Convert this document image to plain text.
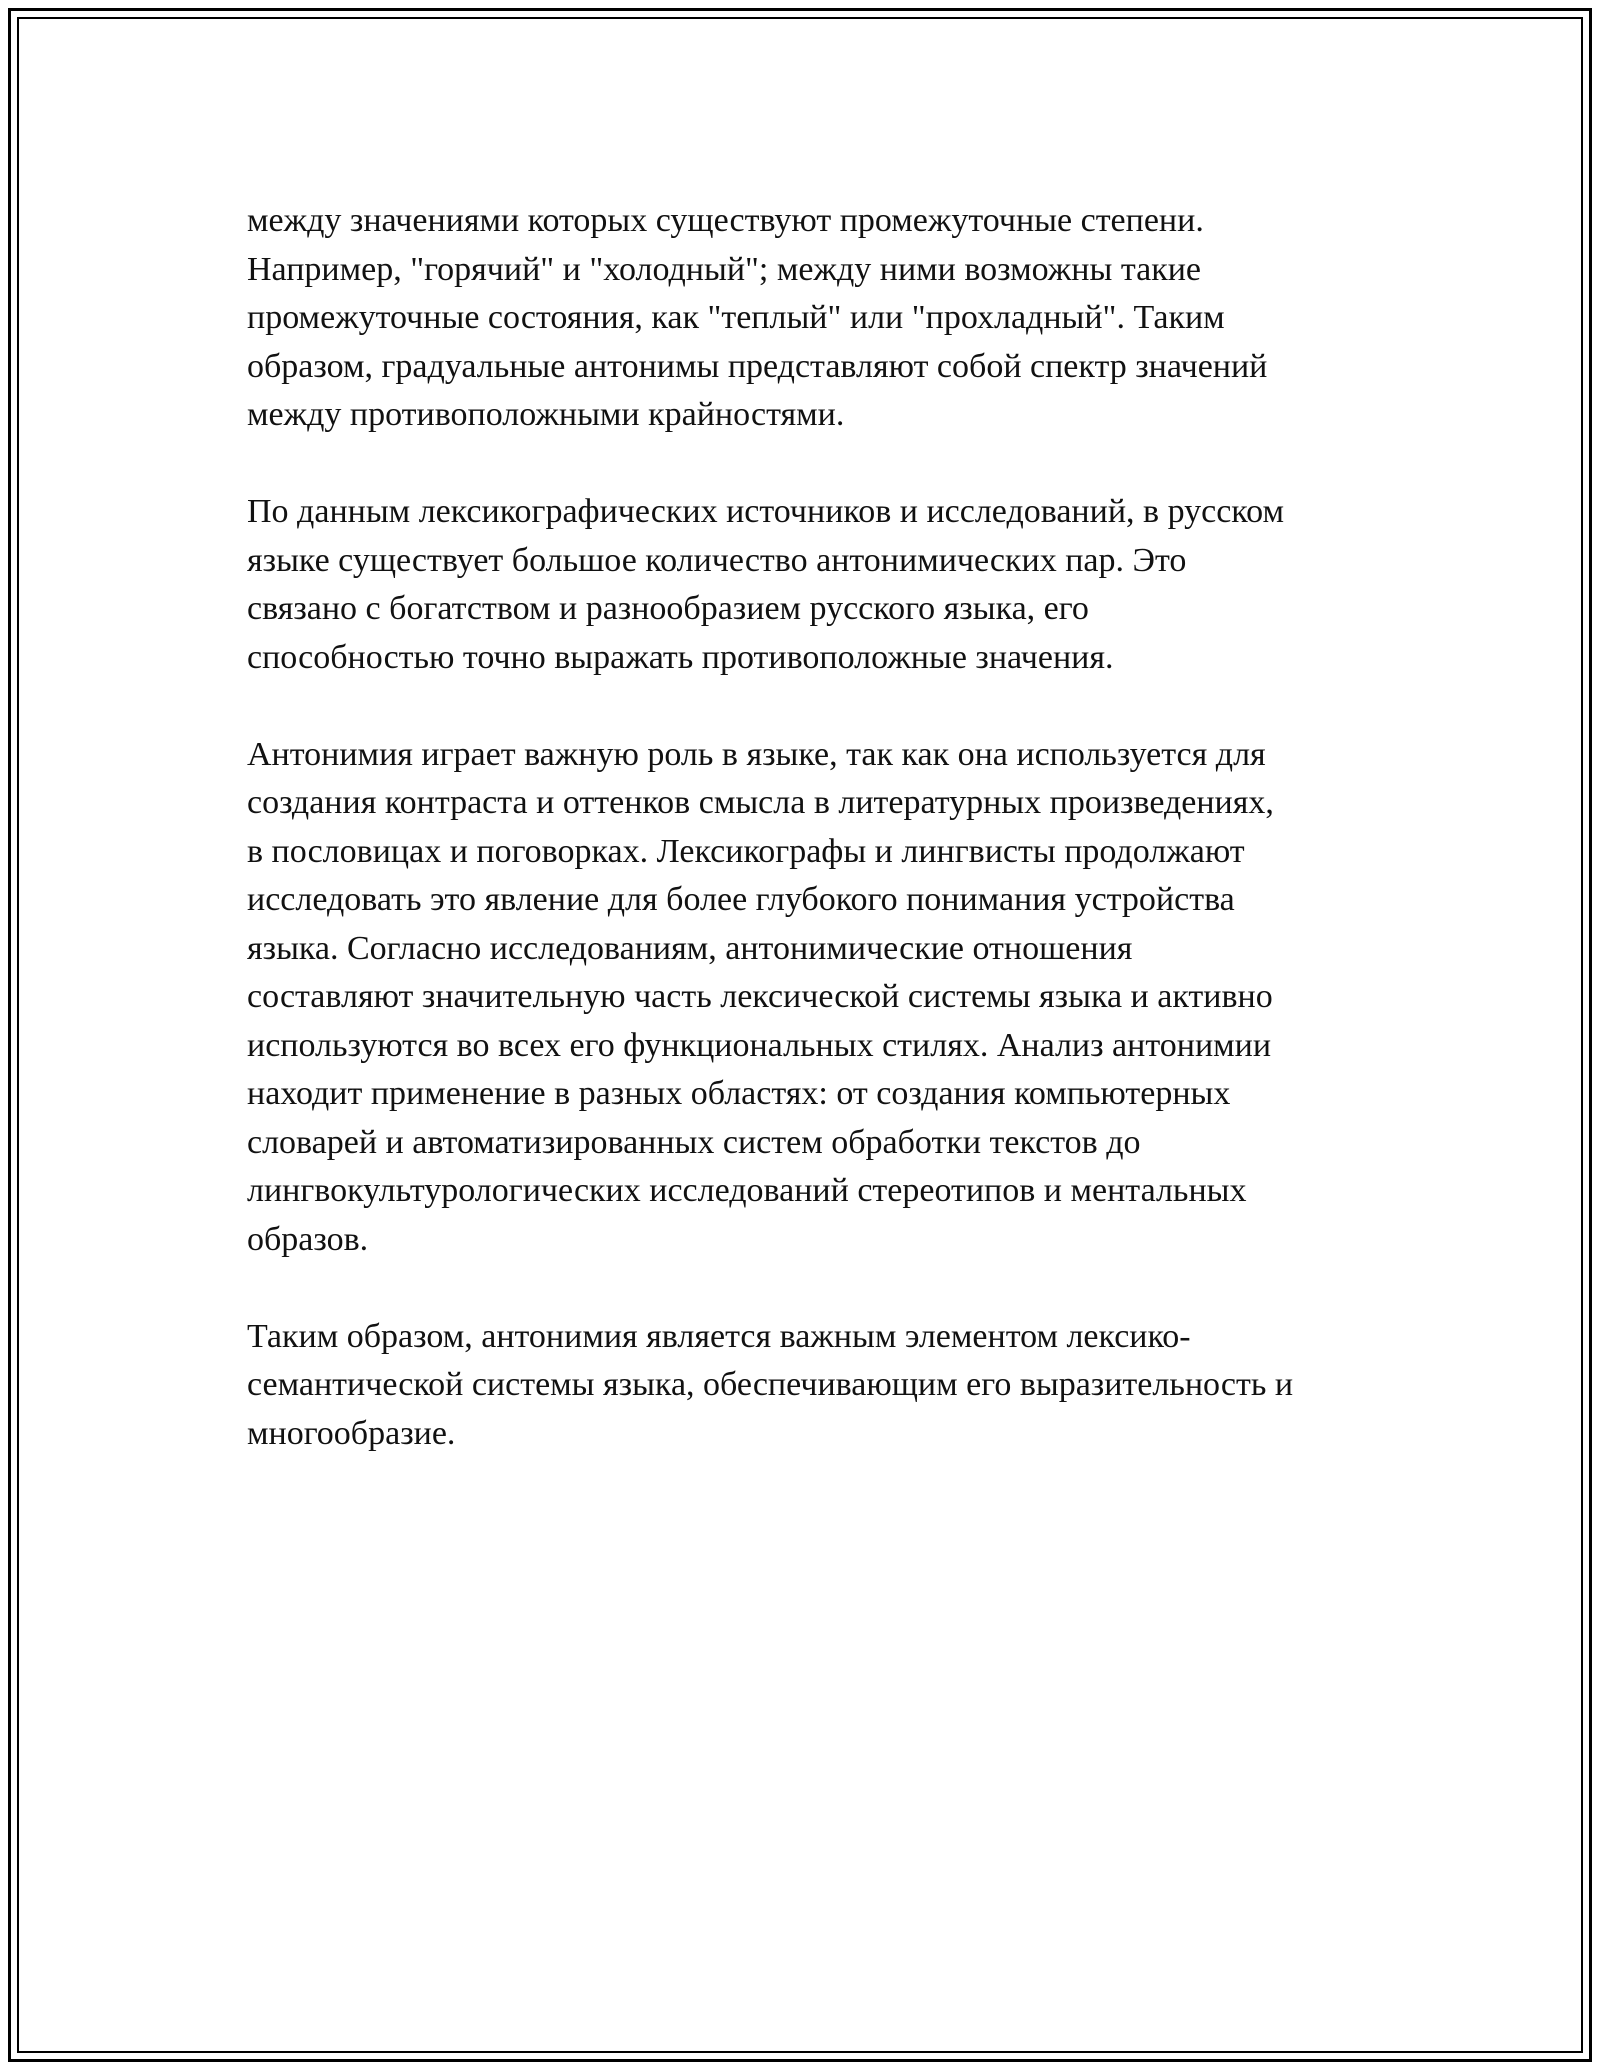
между значениями которых существуют промежуточные степени.
Например, "горячий" и "холодный"; между ними возможны такие
промежуточные состояния, как "теплый" или "прохладный". Таким
образом, градуальные антонимы представляют собой спектр значений
между противоположными крайностями.

По данным лексикографических источников и исследований, в русском
языке существует большое количество антонимических пар. Это
связано с богатством и разнообразием русского языка, его
способностью точно выражать противоположные значения.

Антонимия играет важную роль в языке, так как она используется для
создания контраста и оттенков смысла в литературных произведениях,
в пословицах и поговорках. Лексикографы и лингвисты продолжают
исследовать это явление для более глубокого понимания устройства
языка. Согласно исследованиям, антонимические отношения
составляют значительную часть лексической системы языка и активно
используются во всех его функциональных стилях. Анализ антонимии
находит применение в разных областях: от создания компьютерных
словарей и автоматизированных систем обработки текстов до
лингвокультурологических исследований стереотипов и ментальных
образов.

Таким образом, антонимия является важным элементом лексико-
семантической системы языка, обеспечивающим его выразительность и
многообразие.
